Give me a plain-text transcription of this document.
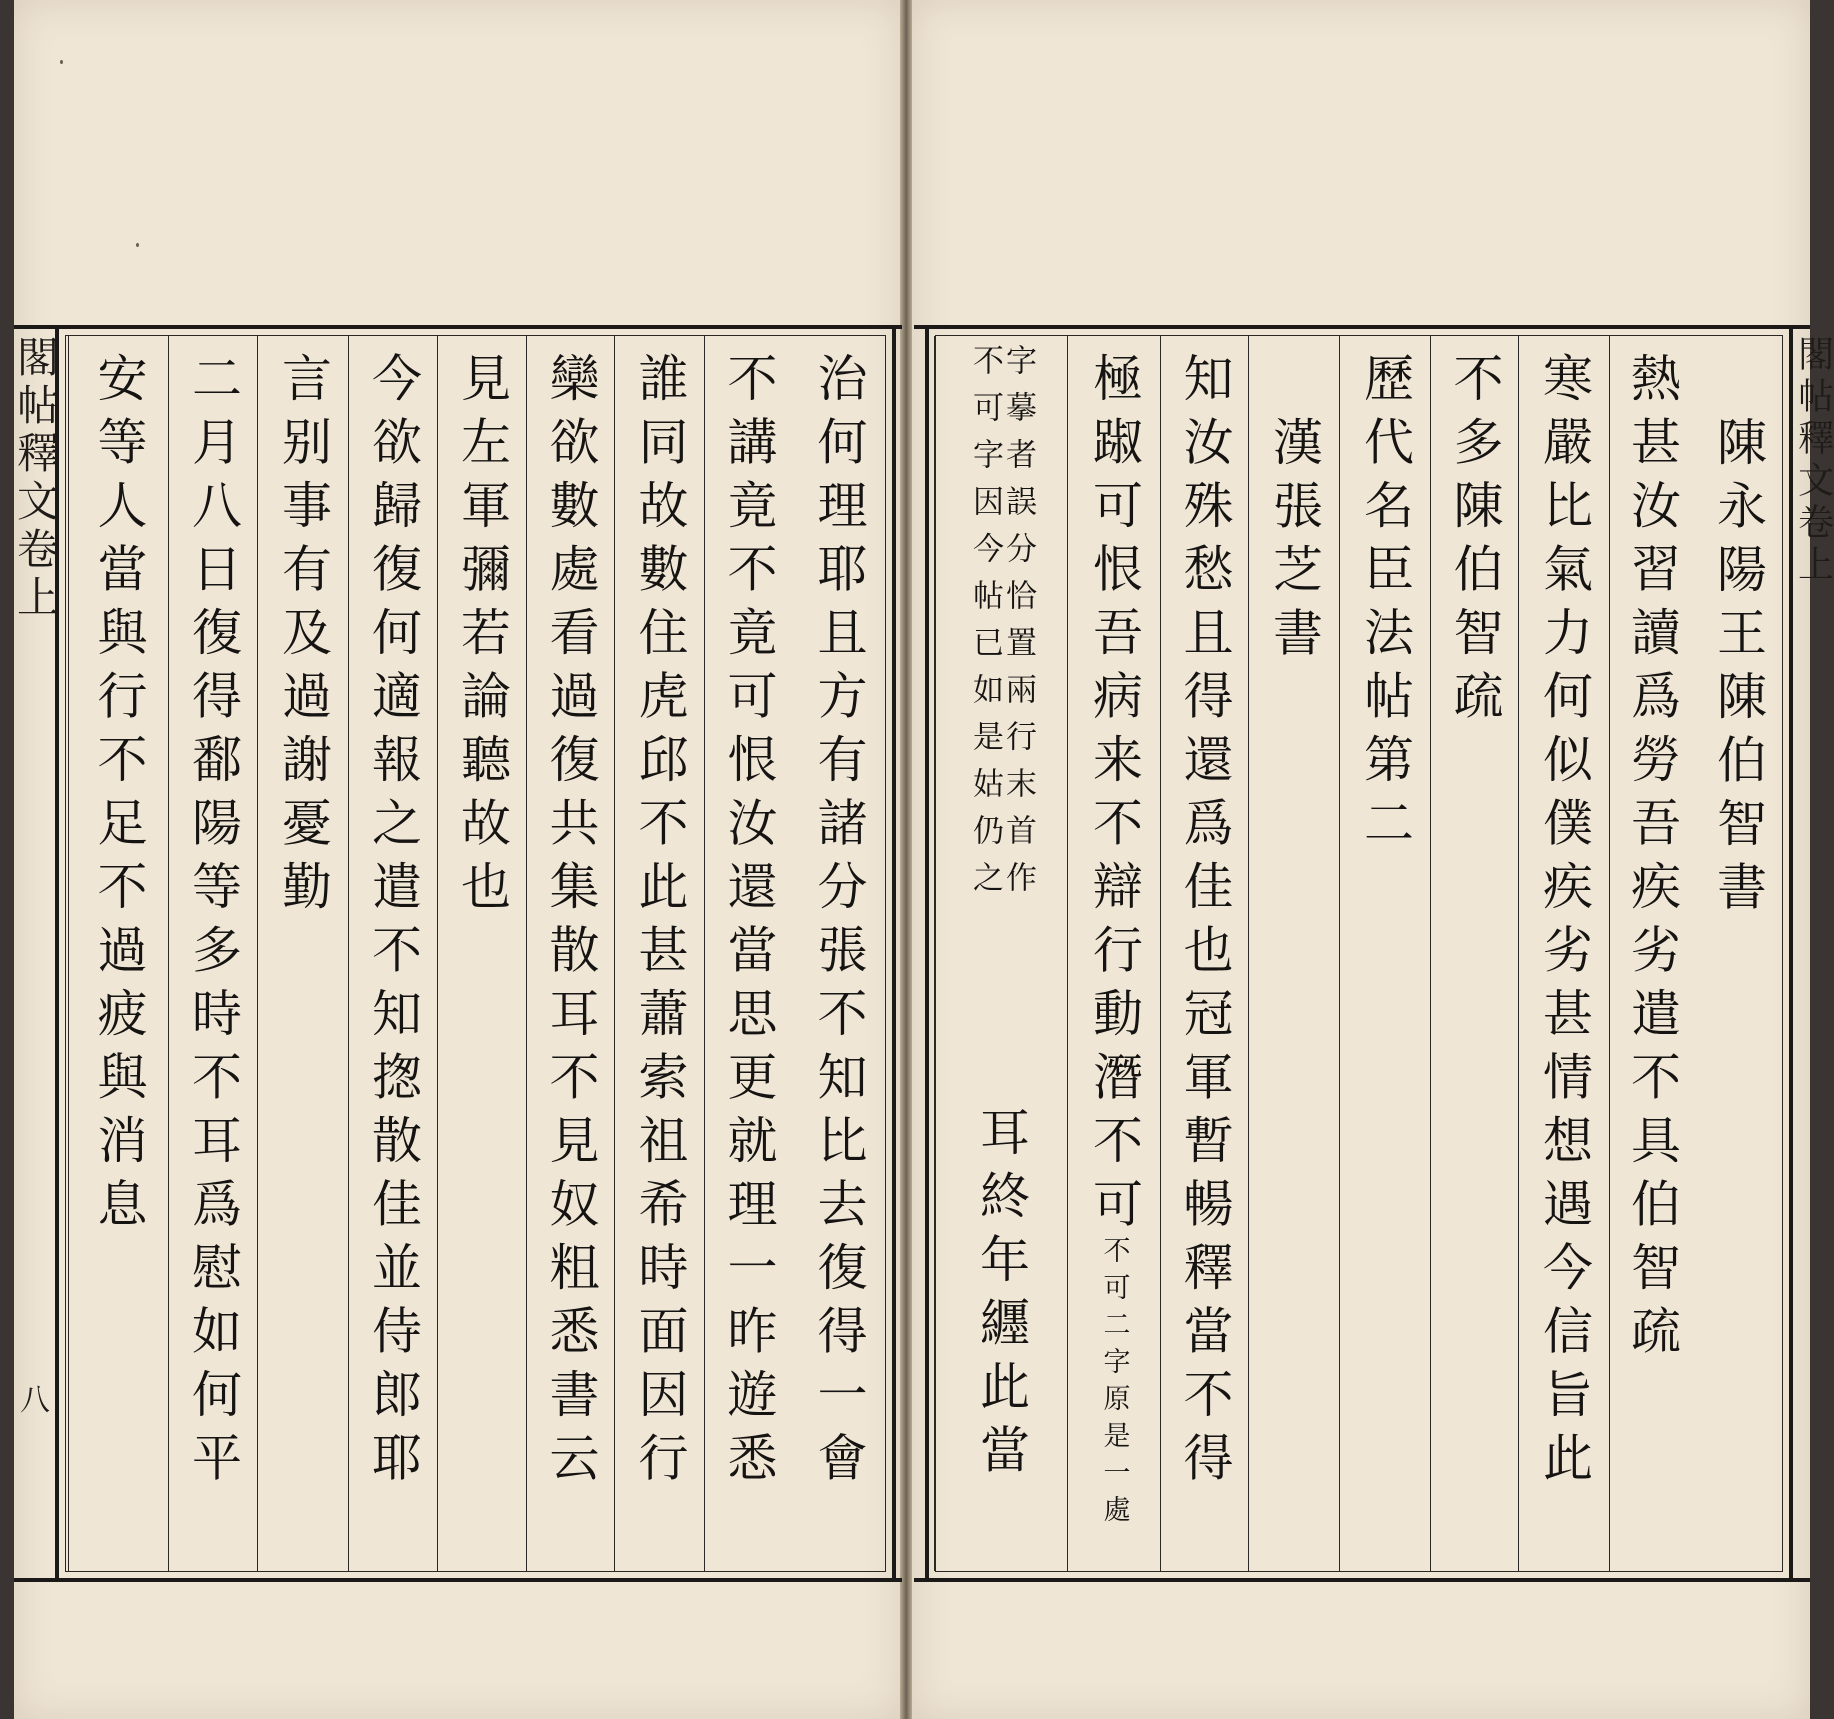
治何理耶且方有諸分張不知比去復得一會
不講竟不竟可恨汝還當思更就理一昨遊悉
誰同故數住虎邱不此甚蕭索祖希時面因行
欒欲數處看過復共集散耳不見奴粗悉書云
見左軍彌若論聽故也
今欲歸復何適報之遣不知揔散佳並侍郎耶
言别事有及過謝憂勤
二月八日復得鄱陽等多時不耳爲慰如何平
安等人當與行不足不過疲與消息
閣帖釋文卷上
八
陳永陽王陳伯智書
熱甚汝習讀爲勞吾疾劣遣不具伯智疏
寒嚴比氣力何似僕疾劣甚情想遇今信旨此
不多陳伯智疏
歷代名臣法帖第二
漢張芝書
知汝殊愁且得還爲佳也冠軍暫暢釋當不得
極踧可恨吾病来不辯行動潛不可
不可二字原是一處
字摹者誤分恰置兩行末首作
不可字因今帖已如是姑仍之
耳終年纒此當
閣帖釋文卷上
